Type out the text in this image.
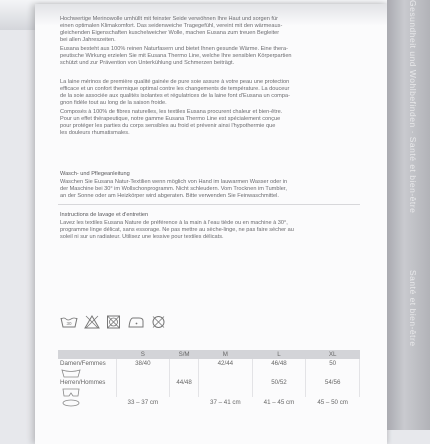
Gesundheit und Wohlbefinden · Santé et bien-être
Santé et bien-être

Hochwertige Merinowolle umhüllt mit feinster Seide verwöhnen Ihre Haut und sorgen für

einen optimalen Klimakomfort. Das seidenweiche Tragegefühl, vereint mit den wärmeaus-

gleichenden Eigenschaften kuschelweicher Wolle, machen Eusana zum treuen Begleiter

bei allen Jahreszeiten.

Eusana besteht aus 100% reinen Naturfasern und bietet Ihnen gesunde Wärme. Eine thera-

peutische Wirkung erzielen Sie mit Eusana Thermo Line, welche Ihre sensiblen Körperpartien

schützt und zur Prävention von Unterkühlung und Schmerzen beiträgt.

La laine mérinos de première qualité gainée de pure soie assure à votre peau une protection

efficace et un confort thermique optimal contre les changements de température. La douceur

de la soie associée aux qualités isolantes et régulatrices de la laine font d'Eusana un compa-

gnon fidèle tout au long de la saison froide.

Composés à 100% de fibres naturelles, les textiles Eusana procurent chaleur et bien-être.

Pour un effet thérapeutique, notre gamme Eusana Thermo Line est spécialement conçue

pour protéger les parties du corps sensibles au froid et prévenir ainsi l'hypothermie que

les douleurs rhumatismales.

Wasch- und Pflegeanleitung

Waschen Sie Eusana Natur-Textilien wenn möglich von Hand im lauwarmen Wasser oder in

der Maschine bei 30° im Wollschonprogramm. Nicht schleudern. Vom Trocknen im Tumbler,

an der Sonne oder am Heizkörper wird abgeraten. Bitte verwenden Sie Feinwaschmittel.

Instructions de lavage et d'entretien

Lavez les textiles Eusana Nature de préférence à la main à l'eau tiède ou en machine à 30°,

programme linge délicat, sans essorage. Ne pas mettre au sèche-linge, ne pas faire sécher au

soleil ni sur un radiateur. Utilisez une lessive pour textiles délicats.

30
	S	S/M	M	L	XL
Damen/Femmes	38/40		42/44	46/48	50

Herren/Hommes		44/48		50/52	54/56

	33 – 37 cm		37 – 41 cm	41 – 45 cm	45 – 50 cm
